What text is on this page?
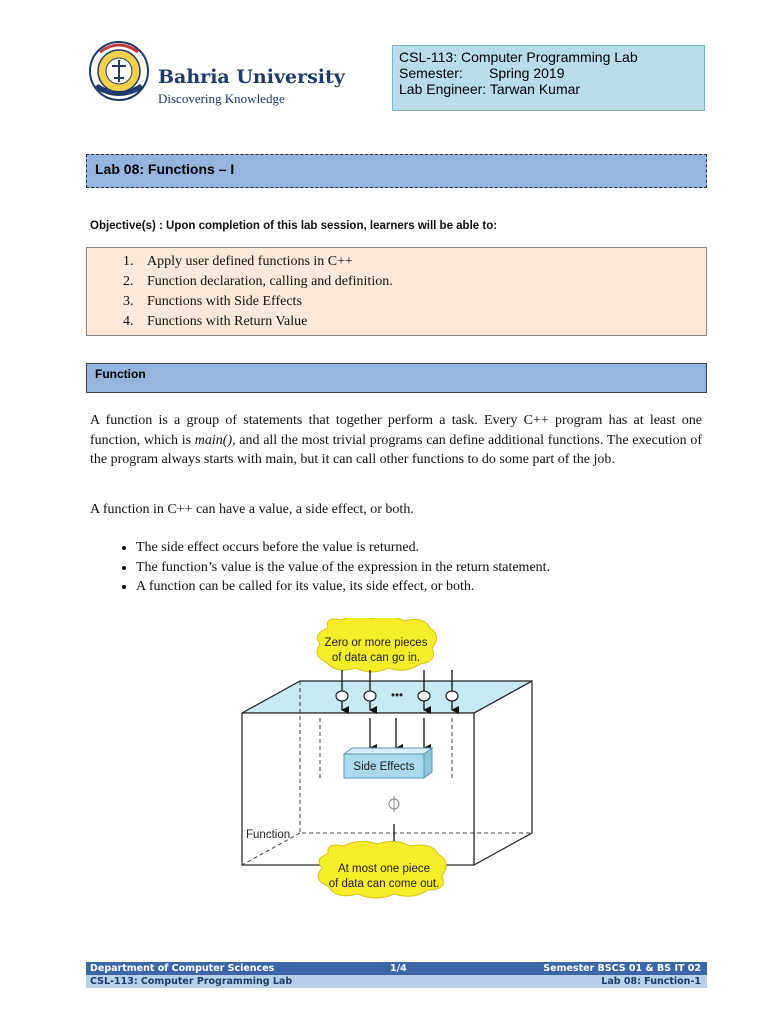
Bahria University
Discovering Knowledge
CSL-113: Computer Programming Lab
Semester: Spring 2019
Lab Engineer: Tarwan Kumar
Lab 08: Functions – I
Objective(s) : Upon completion of this lab session, learners will be able to:
1. Apply user defined functions in C++
2. Function declaration, calling and definition.
3. Functions with Side Effects
4. Functions with Return Value
Function
A function is a group of statements that together perform a task. Every C++ program has at least one function, which is main(), and all the most trivial programs can define additional functions. The execution of the program always starts with main, but it can call other functions to do some part of the job.
A function in C++ can have a value, a side effect, or both.
• The side effect occurs before the value is returned.
• The function’s value is the value of the expression in the return statement.
• A function can be called for its value, its side effect, or both.
Zero or more pieces
of data can go in.
•••
Side Effects
Function
At most one piece
of data can come out.
Department of Computer Sciences	1/4	Semester BSCS 01 & BS IT 02
CSL-113: Computer Programming Lab	Lab 08: Function-1
